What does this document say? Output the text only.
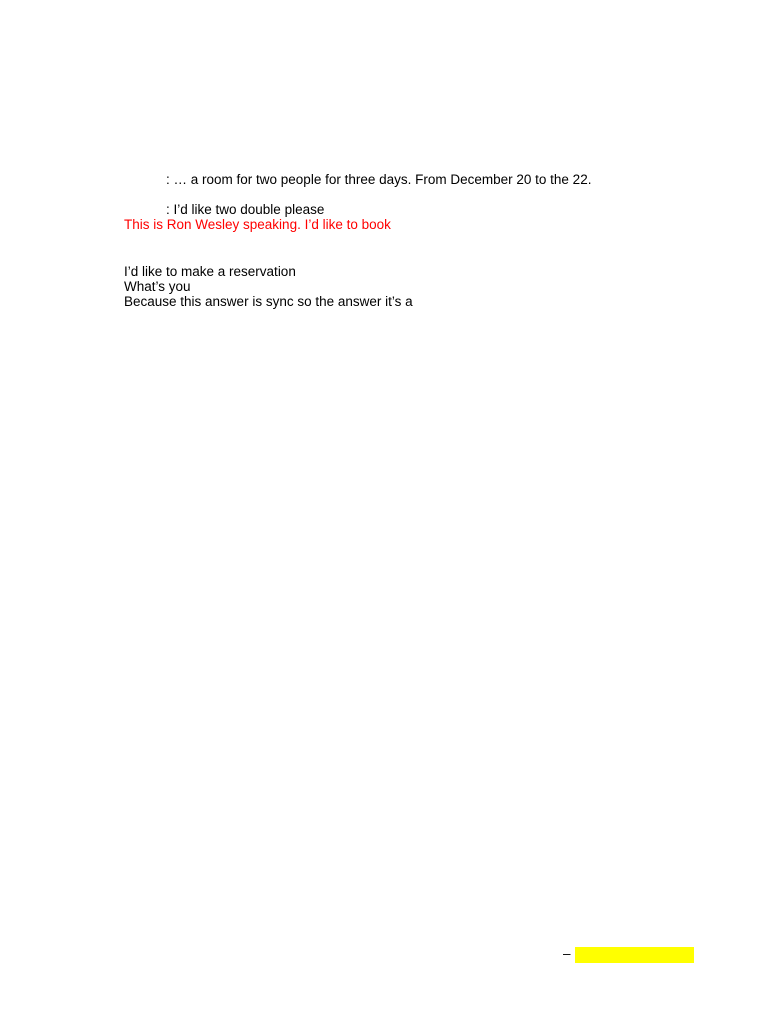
: … a room for two people for three days. From December 20 to the 22.
: I’d like two double please
This is Ron Wesley speaking. I’d like to book
I’d like to make a reservation
What’s you
Because this answer is sync so the answer it’s a
–
